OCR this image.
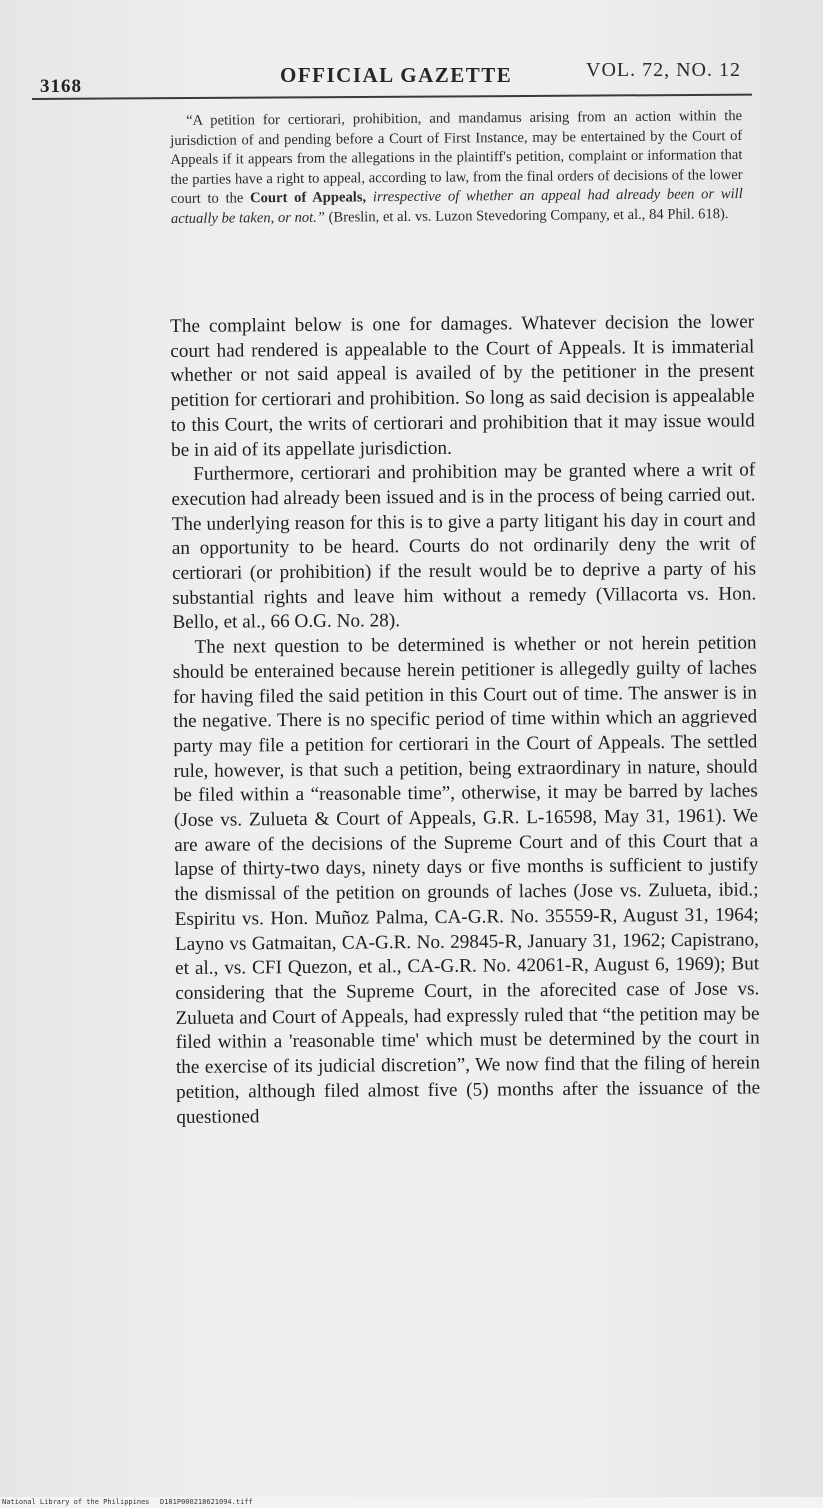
3168	OFFICIAL GAZETTE	VOL. 72, NO. 12
“A petition for certiorari, prohibition, and mandamus arising from an action within the jurisdiction of and pending before a Court of First Instance, may be entertained by the Court of Appeals if it appears from the allegations in the plaintiff's petition, complaint or information that the parties have a right to appeal, according to law, from the final orders of decisions of the lower court to the Court of Appeals, irrespective of whether an appeal had already been or will actually be taken, or not.” (Breslin, et al. vs. Luzon Stevedoring Company, et al., 84 Phil. 618).

The complaint below is one for damages. Whatever decision the lower court had rendered is appealable to the Court of Appeals. It is immaterial whether or not said appeal is availed of by the petitioner in the present petition for certiorari and prohibition. So long as said decision is appealable to this Court, the writs of certiorari and prohibition that it may issue would be in aid of its appellate jurisdiction.

Furthermore, certiorari and prohibition may be granted where a writ of execution had already been issued and is in the process of being carried out. The underlying reason for this is to give a party litigant his day in court and an opportunity to be heard. Courts do not ordinarily deny the writ of certiorari (or prohibition) if the result would be to deprive a party of his substantial rights and leave him without a remedy (Villacorta vs. Hon. Bello, et al., 66 O.G. No. 28).

The next question to be determined is whether or not herein petition should be enterained because herein petitioner is allegedly guilty of laches for having filed the said petition in this Court out of time. The answer is in the negative. There is no specific period of time within which an aggrieved party may file a petition for certiorari in the Court of Appeals. The settled rule, however, is that such a petition, being extraordinary in nature, should be filed within a “reasonable time”, otherwise, it may be barred by laches (Jose vs. Zulueta & Court of Appeals, G.R. L-16598, May 31, 1961). We are aware of the decisions of the Supreme Court and of this Court that a lapse of thirty-two days, ninety days or five months is sufficient to justify the dismissal of the petition on grounds of laches (Jose vs. Zulueta, ibid.; Espiritu vs. Hon. Muñoz Palma, CA-G.R. No. 35559-R, August 31, 1964; Layno vs Gatmaitan, CA-G.R. No. 29845-R, January 31, 1962; Capistrano, et al., vs. CFI Quezon, et al., CA-G.R. No. 42061-R, August 6, 1969); But considering that the Supreme Court, in the aforecited case of Jose vs. Zulueta and Court of Appeals, had expressly ruled that “the petition may be filed within a 'reasonable time' which must be determined by the court in the exercise of its judicial discretion”, We now find that the filing of herein petition, although filed almost five (5) months after the issuance of the questioned

National Library of the Philippines D181P000218621094.tiff
